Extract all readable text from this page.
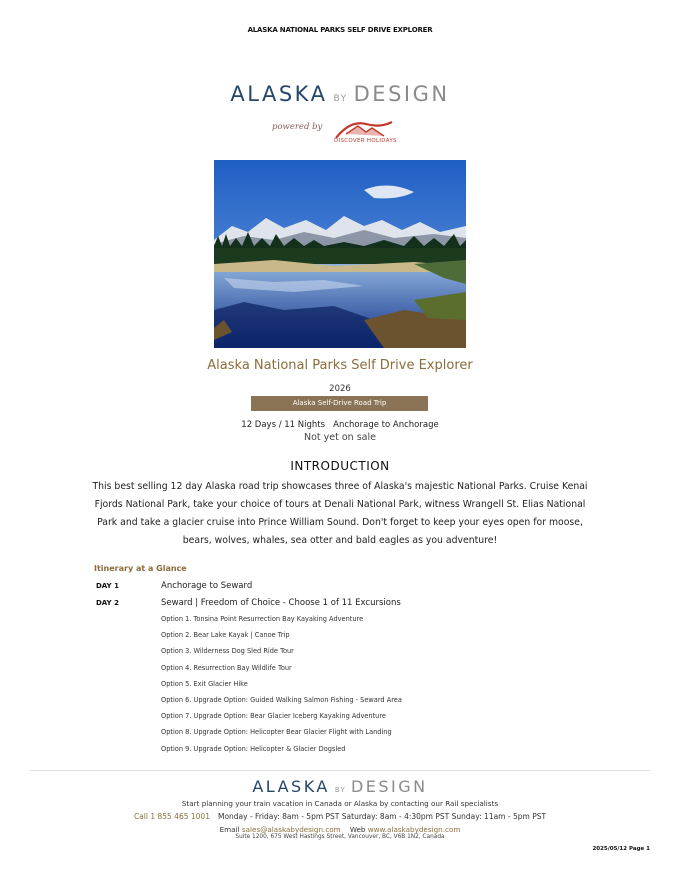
ALASKA NATIONAL PARKS SELF DRIVE EXPLORER
ALASKA BY DESIGN
powered by
DISCOVER HOLIDAYS
Alaska National Parks Self Drive Explorer
2026
Alaska Self-Drive Road Trip
12 Days / 11 Nights Anchorage to Anchorage
Not yet on sale
INTRODUCTION
This best selling 12 day Alaska road trip showcases three of Alaska's majestic National Parks. Cruise Kenai Fjords National Park, take your choice of tours at Denali National Park, witness Wrangell St. Elias National Park and take a glacier cruise into Prince William Sound. Don't forget to keep your eyes open for moose, bears, wolves, whales, sea otter and bald eagles as you adventure!
Itinerary at a Glance
DAY 1	Anchorage to Seward
DAY 2	Seward | Freedom of Choice - Choose 1 of 11 Excursions
Option 1. Tonsina Point Resurrection Bay Kayaking Adventure
Option 2. Bear Lake Kayak | Canoe Trip
Option 3. Wilderness Dog Sled Ride Tour
Option 4. Resurrection Bay Wildlife Tour
Option 5. Exit Glacier Hike
Option 6. Upgrade Option: Guided Walking Salmon Fishing - Seward Area
Option 7. Upgrade Option: Bear Glacier Iceberg Kayaking Adventure
Option 8. Upgrade Option: Helicopter Bear Glacier Flight with Landing
Option 9. Upgrade Option: Helicopter & Glacier Dogsled
ALASKA BY DESIGN
Start planning your train vacation in Canada or Alaska by contacting our Rail specialists
Call 1 855 465 1001 Monday - Friday: 8am - 5pm PST Saturday: 8am - 4:30pm PST Sunday: 11am - 5pm PST
Email sales@alaskabydesign.com Web www.alaskabydesign.com
Suite 1200, 675 West Hastings Street, Vancouver, BC, V6B 1N2, Canada
2025/05/12 Page 1
